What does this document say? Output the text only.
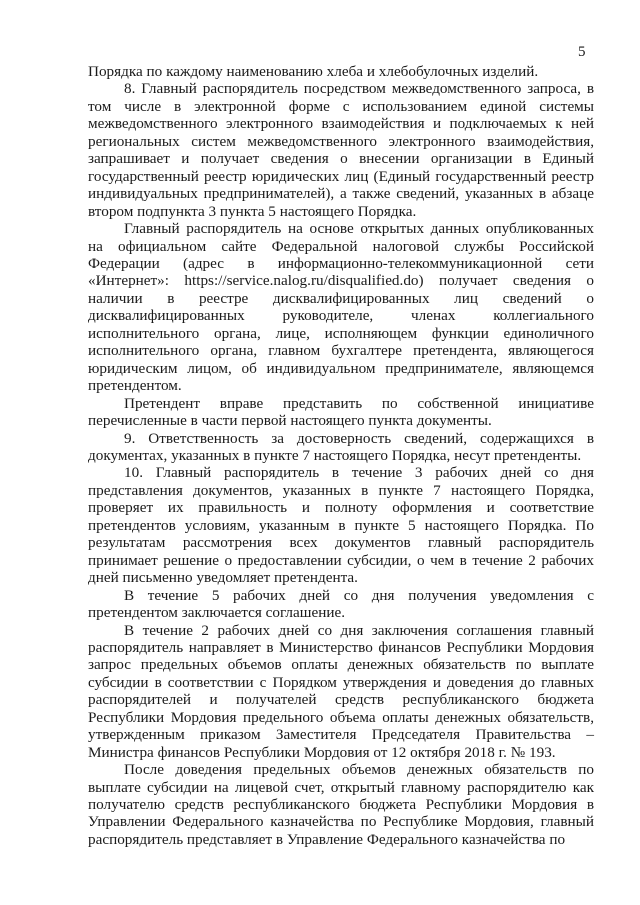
5

Порядка по каждому наименованию хлеба и хлебобулочных изделий.

8. Главный распорядитель посредством межведомственного запроса, в том числе в электронной форме с использованием единой системы межведомственного электронного взаимодействия и подключаемых к ней региональных систем межведомственного электронного взаимодействия, запрашивает и получает сведения о внесении организации в Единый государственный реестр юридических лиц (Единый государственный реестр индивидуальных предпринимателей), а также сведений, указанных в абзаце втором подпункта 3 пункта 5 настоящего Порядка.

Главный распорядитель на основе открытых данных опубликованных на официальном сайте Федеральной налоговой службы Российской Федерации (адрес в информационно-телекоммуникационной сети «Интернет»: https://service.nalog.ru/disqualified.do) получает сведения о наличии в реестре дисквалифицированных лиц сведений о дисквалифицированных руководителе, членах коллегиального исполнительного органа, лице, исполняющем функции единоличного исполнительного органа, главном бухгалтере претендента, являющегося юридическим лицом, об индивидуальном предпринимателе, являющемся претендентом.

Претендент вправе представить по собственной инициативе перечисленные в части первой настоящего пункта документы.

9. Ответственность за достоверность сведений, содержащихся в документах, указанных в пункте 7 настоящего Порядка, несут претенденты.

10. Главный распорядитель в течение 3 рабочих дней со дня представления документов, указанных в пункте 7 настоящего Порядка, проверяет их правильность и полноту оформления и соответствие претендентов условиям, указанным в пункте 5 настоящего Порядка. По результатам рассмотрения всех документов главный распорядитель принимает решение о предоставлении субсидии, о чем в течение 2 рабочих дней письменно уведомляет претендента.

В течение 5 рабочих дней со дня получения уведомления с претендентом заключается соглашение.

В течение 2 рабочих дней со дня заключения соглашения главный распорядитель направляет в Министерство финансов Республики Мордовия запрос предельных объемов оплаты денежных обязательств по выплате субсидии в соответствии с Порядком утверждения и доведения до главных распорядителей и получателей средств республиканского бюджета Республики Мордовия предельного объема оплаты денежных обязательств, утвержденным приказом Заместителя Председателя Правительства – Министра финансов Республики Мордовия от 12 октября 2018 г. № 193.

После доведения предельных объемов денежных обязательств по выплате субсидии на лицевой счет, открытый главному распорядителю как получателю средств республиканского бюджета Республики Мордовия в Управлении Федерального казначейства по Республике Мордовия, главный распорядитель представляет в Управление Федерального казначейства по
